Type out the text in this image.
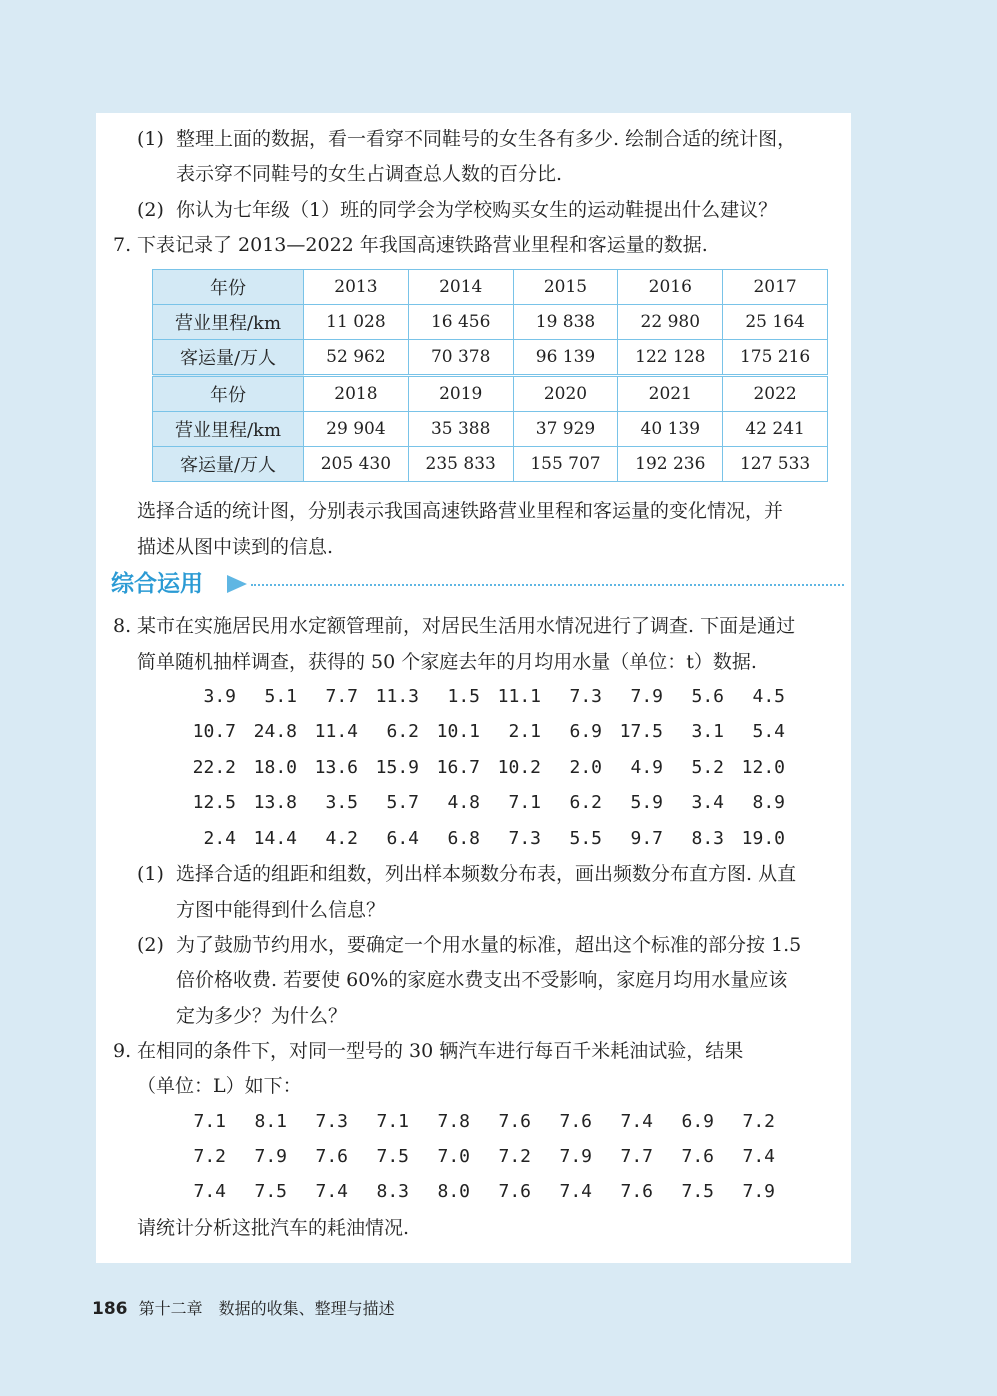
(1) 整理上面的数据，看一看穿不同鞋号的女生各有多少. 绘制合适的统计图，
表示穿不同鞋号的女生占调查总人数的百分比.
(2) 你认为七年级（1）班的同学会为学校购买女生的运动鞋提出什么建议？
7. 下表记录了 2013—2022 年我国高速铁路营业里程和客运量的数据.
年份	2013	2014	2015	2016	2017
营业里程/km	11 028	16 456	19 838	22 980	25 164
客运量/万人	52 962	70 378	96 139	122 128	175 216
年份	2018	2019	2020	2021	2022
营业里程/km	29 904	35 388	37 929	40 139	42 241
客运量/万人	205 430	235 833	155 707	192 236	127 533
选择合适的统计图，分别表示我国高速铁路营业里程和客运量的变化情况，并
描述从图中读到的信息.
综合运用
8. 某市在实施居民用水定额管理前，对居民生活用水情况进行了调查. 下面是通过
简单随机抽样调查，获得的 50 个家庭去年的月均用水量（单位：t）数据.
3.9	5.1	7.7 11.3	1.5 11.1	7.3	7.9	5.6	4.5
10.7 24.8 11.4	6.2 10.1	2.1	6.9 17.5	3.1	5.4
22.2 18.0 13.6 15.9 16.7 10.2	2.0	4.9	5.2 12.0
12.5 13.8	3.5	5.7	4.8	7.1	6.2	5.9	3.4	8.9
2.4 14.4	4.2	6.4	6.8	7.3	5.5	9.7	8.3 19.0
(1) 选择合适的组距和组数，列出样本频数分布表，画出频数分布直方图. 从直
方图中能得到什么信息？
(2) 为了鼓励节约用水，要确定一个用水量的标准，超出这个标准的部分按 1.5
倍价格收费. 若要使 60%的家庭水费支出不受影响，家庭月均用水量应该
定为多少？为什么？
9. 在相同的条件下，对同一型号的 30 辆汽车进行每百千米耗油试验，结果
（单位：L）如下：
7.1	8.1	7.3	7.1	7.8	7.6	7.6	7.4	6.9	7.2
7.2	7.9	7.6	7.5	7.0	7.2	7.9	7.7	7.6	7.4
7.4	7.5	7.4	8.3	8.0	7.6	7.4	7.6	7.5	7.9
请统计分析这批汽车的耗油情况.
186 第十二章　数据的收集、整理与描述
